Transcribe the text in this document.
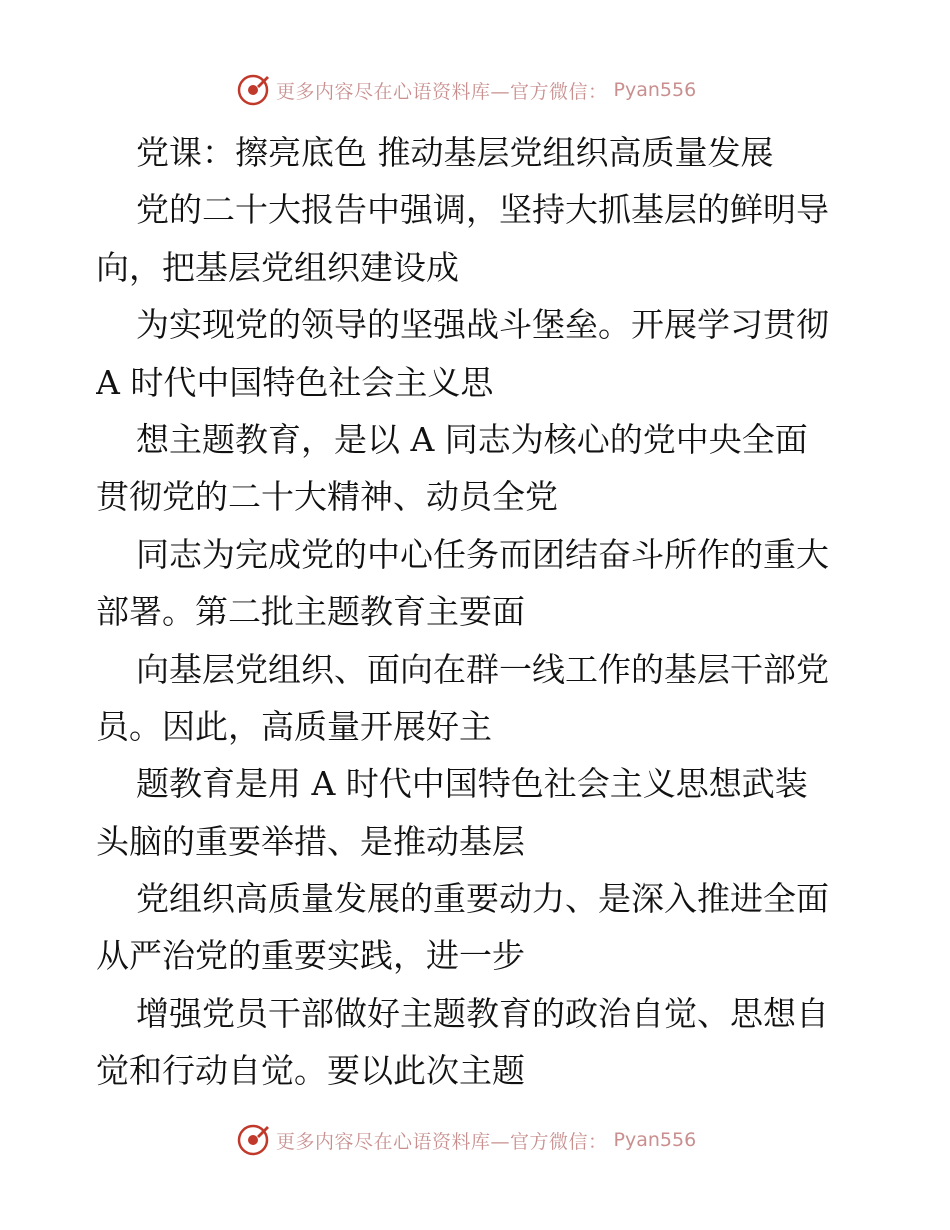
更多内容尽在心语资料库—官方微信： Pyan556
党课：擦亮底色 推动基层党组织高质量发展
党的二十大报告中强调，坚持大抓基层的鲜明导
向，把基层党组织建设成
为实现党的领导的坚强战斗堡垒。开展学习贯彻
A 时代中国特色社会主义思
想主题教育，是以 A 同志为核心的党中央全面
贯彻党的二十大精神、动员全党
同志为完成党的中心任务而团结奋斗所作的重大
部署。第二批主题教育主要面
向基层党组织、面向在群一线工作的基层干部党
员。因此，高质量开展好主
题教育是用 A 时代中国特色社会主义思想武装
头脑的重要举措、是推动基层
党组织高质量发展的重要动力、是深入推进全面
从严治党的重要实践，进一步
增强党员干部做好主题教育的政治自觉、思想自
觉和行动自觉。要以此次主题
更多内容尽在心语资料库—官方微信： Pyan556
